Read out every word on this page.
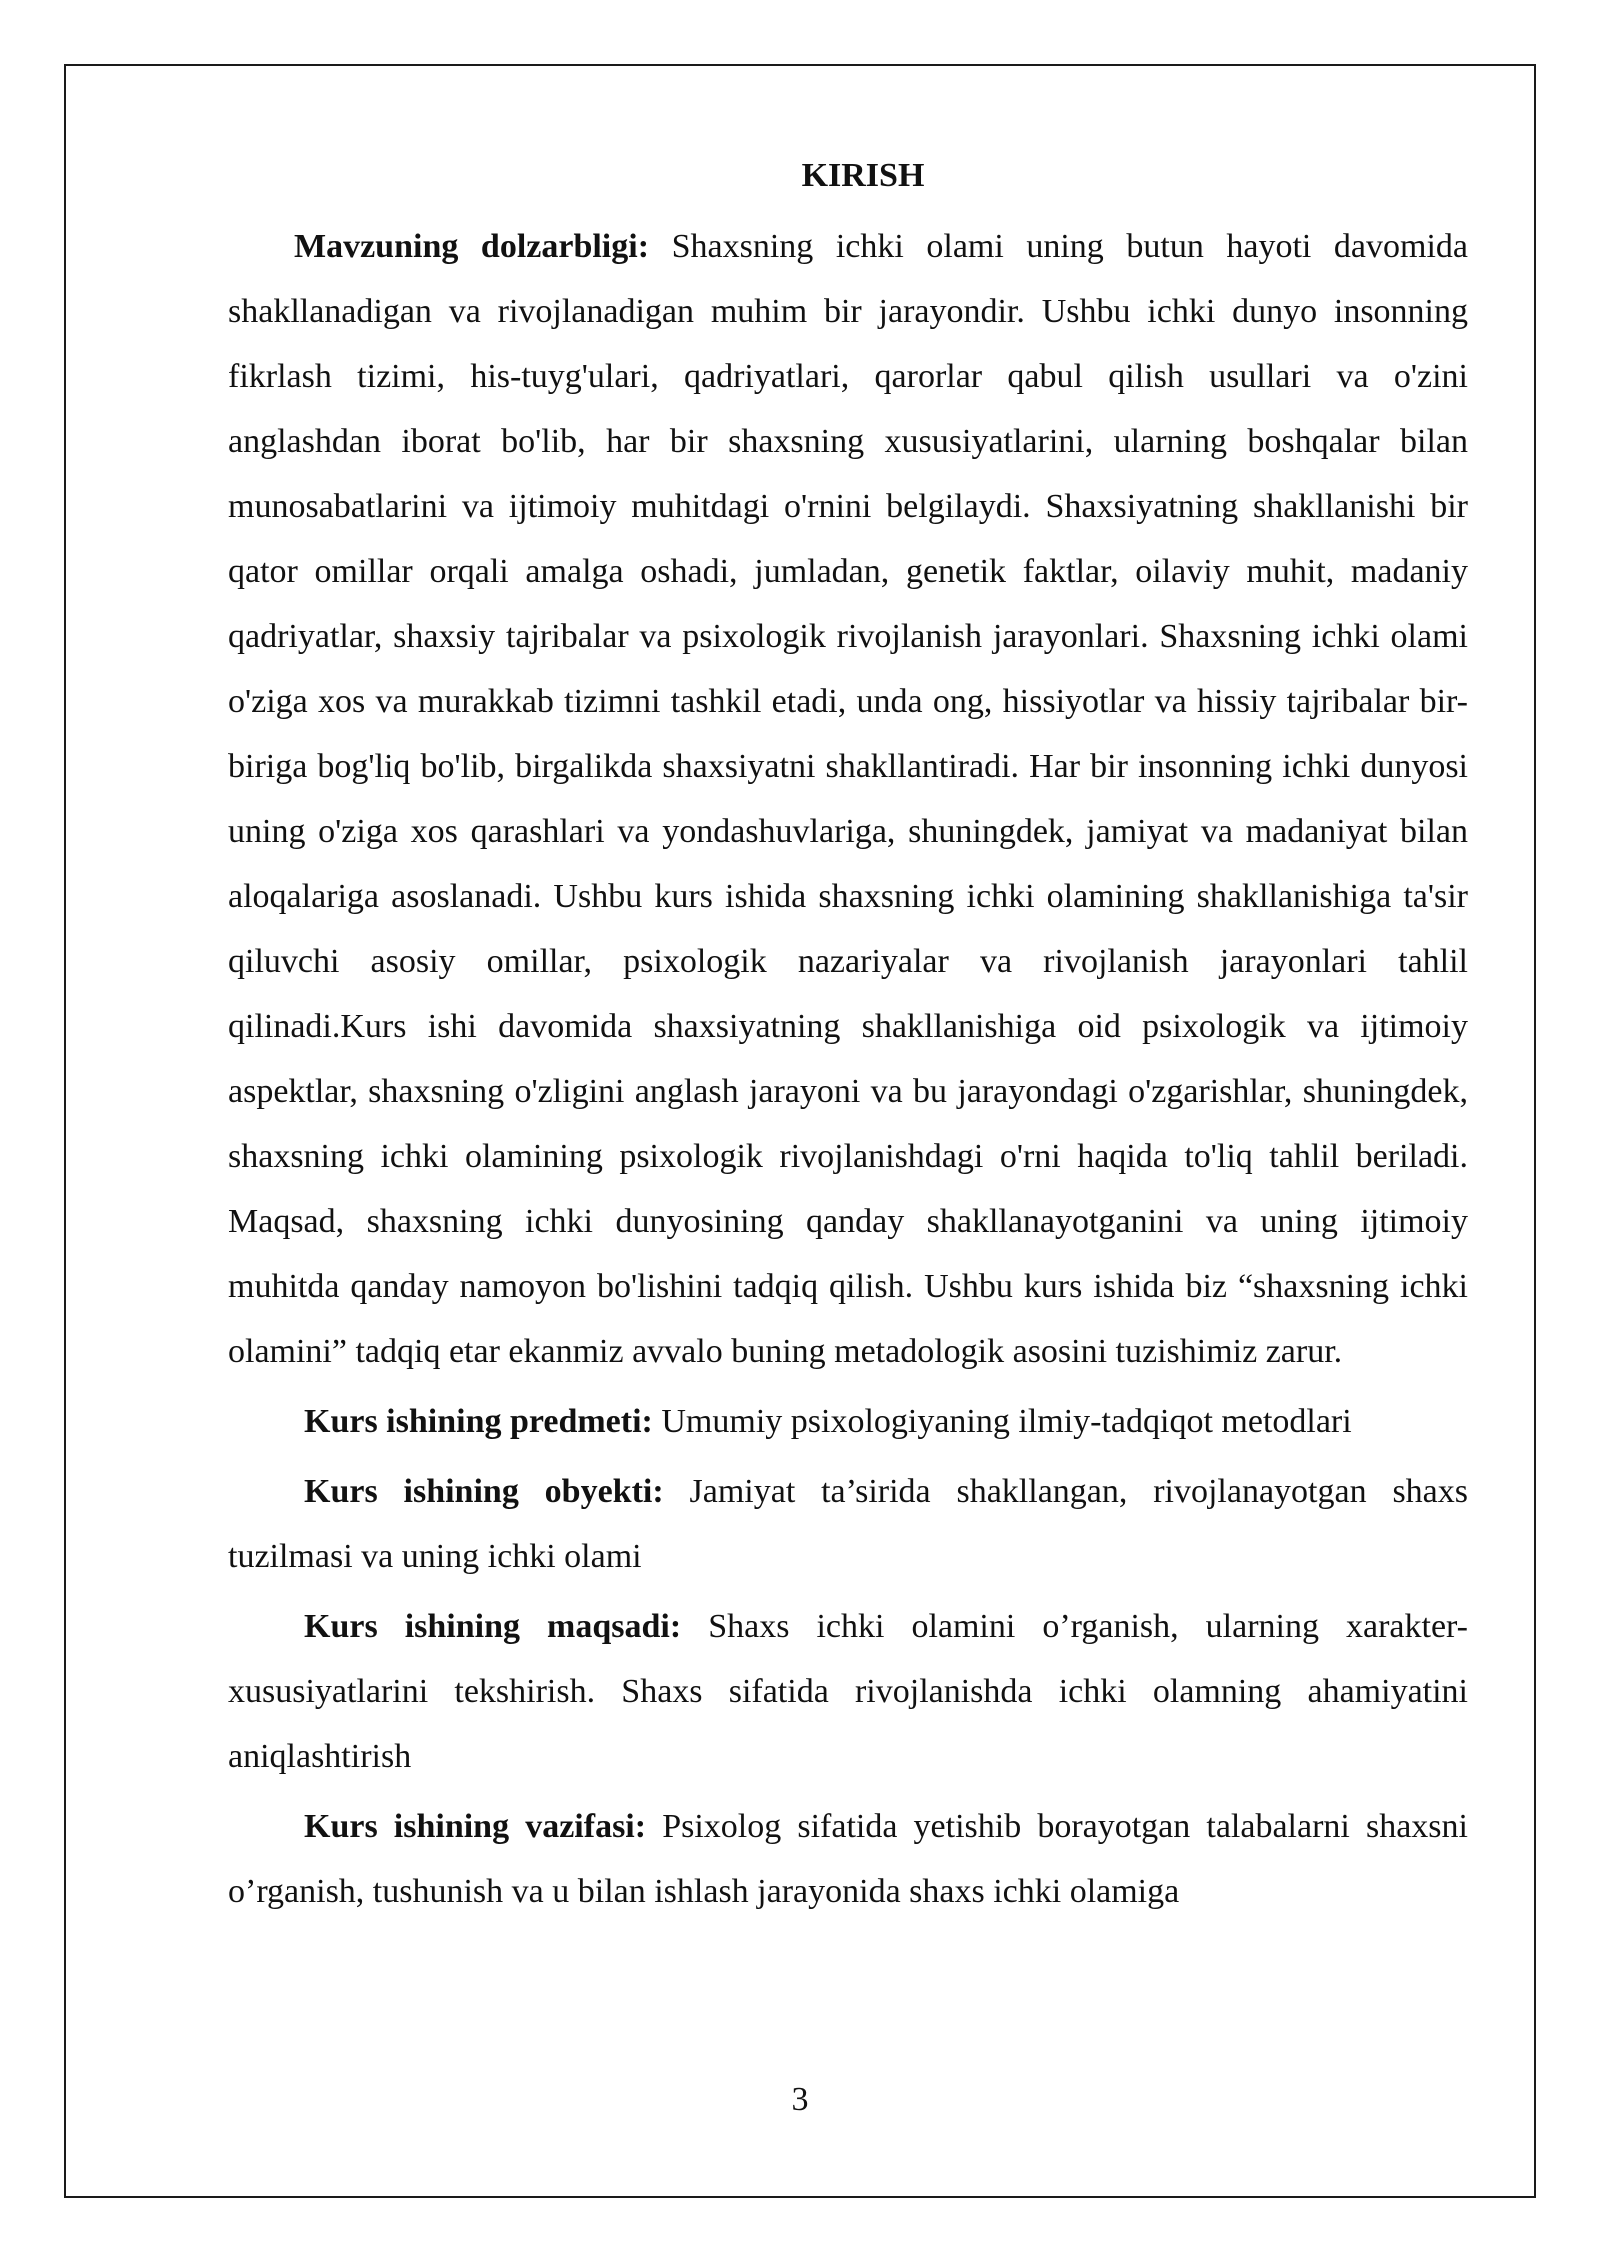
KIRISH

Mavzuning dolzarbligi: Shaxsning ichki olami uning butun hayoti davomida shakllanadigan va rivojlanadigan muhim bir jarayondir. Ushbu ichki dunyo insonning fikrlash tizimi, his-tuyg'ulari, qadriyatlari, qarorlar qabul qilish usullari va o'zini anglashdan iborat bo'lib, har bir shaxsning xususiyatlarini, ularning boshqalar bilan munosabatlarini va ijtimoiy muhitdagi o'rnini belgilaydi. Shaxsiyatning shakllanishi bir qator omillar orqali amalga oshadi, jumladan, genetik faktlar, oilaviy muhit, madaniy qadriyatlar, shaxsiy tajribalar va psixologik rivojlanish jarayonlari. Shaxsning ichki olami o'ziga xos va murakkab tizimni tashkil etadi, unda ong, hissiyotlar va hissiy tajribalar bir-biriga bog'liq bo'lib, birgalikda shaxsiyatni shakllantiradi. Har bir insonning ichki dunyosi uning o'ziga xos qarashlari va yondashuvlariga, shuningdek, jamiyat va madaniyat bilan aloqalariga asoslanadi. Ushbu kurs ishida shaxsning ichki olamining shakllanishiga ta'sir qiluvchi asosiy omillar, psixologik nazariyalar va rivojlanish jarayonlari tahlil qilinadi.Kurs ishi davomida shaxsiyatning shakllanishiga oid psixologik va ijtimoiy aspektlar, shaxsning o'zligini anglash jarayoni va bu jarayondagi o'zgarishlar, shuningdek, shaxsning ichki olamining psixologik rivojlanishdagi o'rni haqida to'liq tahlil beriladi. Maqsad, shaxsning ichki dunyosining qanday shakllanayotganini va uning ijtimoiy muhitda qanday namoyon bo'lishini tadqiq qilish. Ushbu kurs ishida biz “shaxsning ichki olamini” tadqiq etar ekanmiz avvalo buning metadologik asosini tuzishimiz zarur.

Kurs ishining predmeti: Umumiy psixologiyaning ilmiy-tadqiqot metodlari

Kurs ishining obyekti: Jamiyat ta’sirida shakllangan, rivojlanayotgan shaxs tuzilmasi va uning ichki olami

Kurs ishining maqsadi: Shaxs ichki olamini o’rganish, ularning xarakter-xususiyatlarini tekshirish. Shaxs sifatida rivojlanishda ichki olamning ahamiyatini aniqlashtirish

Kurs ishining vazifasi: Psixolog sifatida yetishib borayotgan talabalarni shaxsni o’rganish, tushunish va u bilan ishlash jarayonida shaxs ichki olamiga

3
